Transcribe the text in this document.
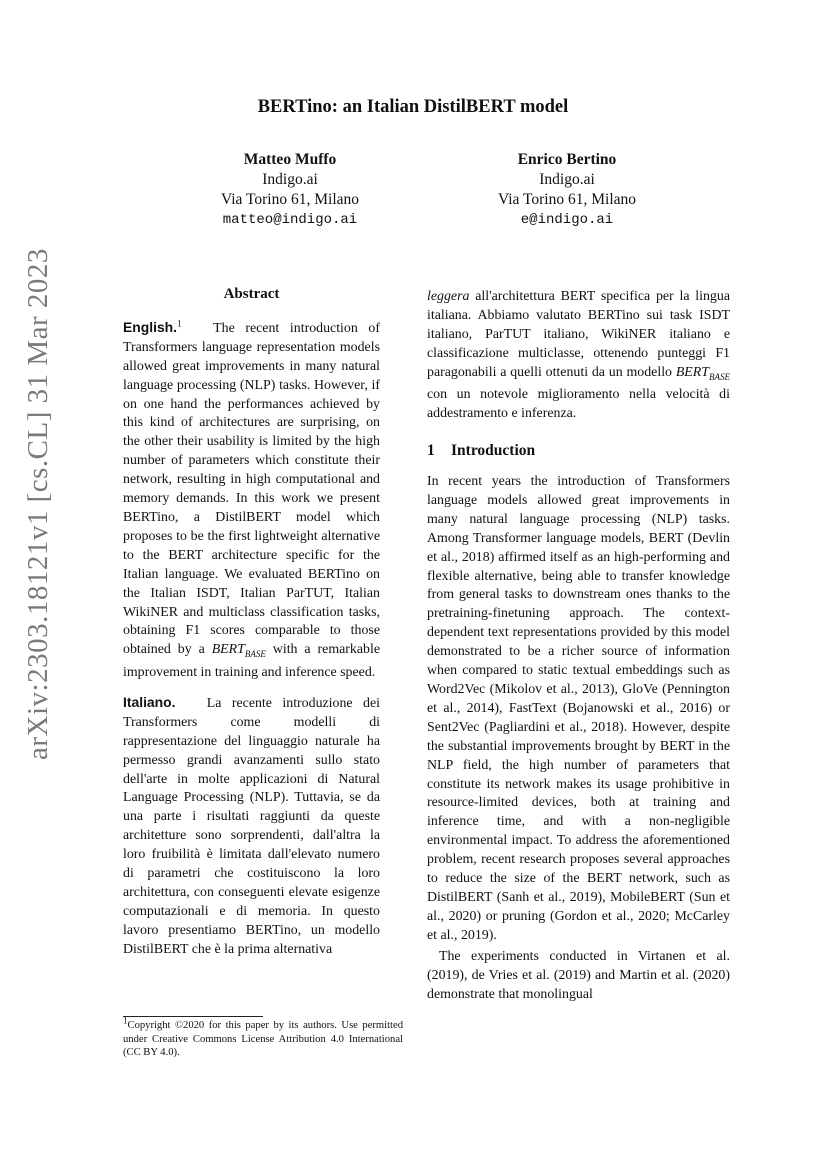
arXiv:2303.18121v1 [cs.CL] 31 Mar 2023
BERTino: an Italian DistilBERT model
Matteo Muffo
Indigo.ai
Via Torino 61, Milano
matteo@indigo.ai
Enrico Bertino
Indigo.ai
Via Torino 61, Milano
e@indigo.ai
Abstract

English.$^1$ The recent introduction of Transformers language representation models allowed great improvements in many natural language processing (NLP) tasks. However, if on one hand the performances achieved by this kind of architectures are surprising, on the other their usability is limited by the high number of parameters which constitute their network, resulting in high computational and memory demands. In this work we present BERTino, a DistilBERT model which proposes to be the first lightweight alternative to the BERT architecture specific for the Italian language. We evaluated BERTino on the Italian ISDT, Italian ParTUT, Italian WikiNER and multiclass classification tasks, obtaining F1 scores comparable to those obtained by a $BERT_{BASE}$ with a remarkable improvement in training and inference speed.

Italiano. La recente introduzione dei Transformers come modelli di rappresentazione del linguaggio naturale ha permesso grandi avanzamenti sullo stato dell'arte in molte applicazioni di Natural Language Processing (NLP). Tuttavia, se da una parte i risultati raggiunti da queste architetture sono sorprendenti, dall'altra la loro fruibilità è limitata dall'elevato numero di parametri che costituiscono la loro architettura, con conseguenti elevate esigenze computazionali e di memoria. In questo lavoro presentiamo BERTino, un modello DistilBERT che è la prima alternativa

leggera all'architettura BERT specifica per la lingua italiana. Abbiamo valutato BERTino sui task ISDT italiano, ParTUT italiano, WikiNER italiano e classificazione multiclasse, ottenendo punteggi F1 paragonabili a quelli ottenuti da un modello $BERT_{BASE}$ con un notevole miglioramento nella velocità di addestramento e inferenza.

1 Introduction

In recent years the introduction of Transformers language models allowed great improvements in many natural language processing (NLP) tasks. Among Transformer language models, BERT (Devlin et al., 2018) affirmed itself as an high-performing and flexible alternative, being able to transfer knowledge from general tasks to downstream ones thanks to the pretraining-finetuning approach. The context-dependent text representations provided by this model demonstrated to be a richer source of information when compared to static textual embeddings such as Word2Vec (Mikolov et al., 2013), GloVe (Pennington et al., 2014), FastText (Bojanowski et al., 2016) or Sent2Vec (Pagliardini et al., 2018). However, despite the substantial improvements brought by BERT in the NLP field, the high number of parameters that constitute its network makes its usage prohibitive in resource-limited devices, both at training and inference time, and with a non-negligible environmental impact. To address the aforementioned problem, recent research proposes several approaches to reduce the size of the BERT network, such as DistilBERT (Sanh et al., 2019), MobileBERT (Sun et al., 2020) or pruning (Gordon et al., 2020; McCarley et al., 2019).

The experiments conducted in Virtanen et al. (2019), de Vries et al. (2019) and Martin et al. (2020) demonstrate that monolingual

$^1$Copyright ©2020 for this paper by its authors. Use permitted under Creative Commons License Attribution 4.0 International (CC BY 4.0).
